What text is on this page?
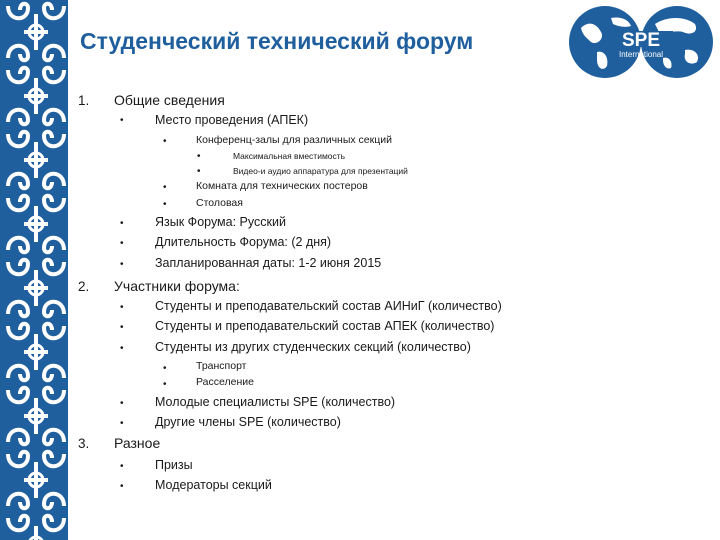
Студенческий технический форум	SPE
International
1. Общие сведения
•	Место проведения (АПЕК)
•	Конференц-залы для различных секций
•	Максимальная вместимость
•	Видео-и аудио аппаратура для презентаций
•	Комната для технических постеров
•	Столовая
•	Язык Форума: Русский
•	Длительность Форума: (2 дня)
•	Запланированная даты: 1-2 июня 2015
2. Участники форума:
•	Студенты и преподавательский состав АИНиГ (количество)
•	Студенты и преподавательский состав АПЕК (количество)
•	Студенты из других студенческих секций (количество)
•	Транспорт
•	Расселение
•	Молодые специалисты SPE (количество)
•	Другие члены SPE (количество)
3. Разное
•	Призы
•	Модераторы секций
